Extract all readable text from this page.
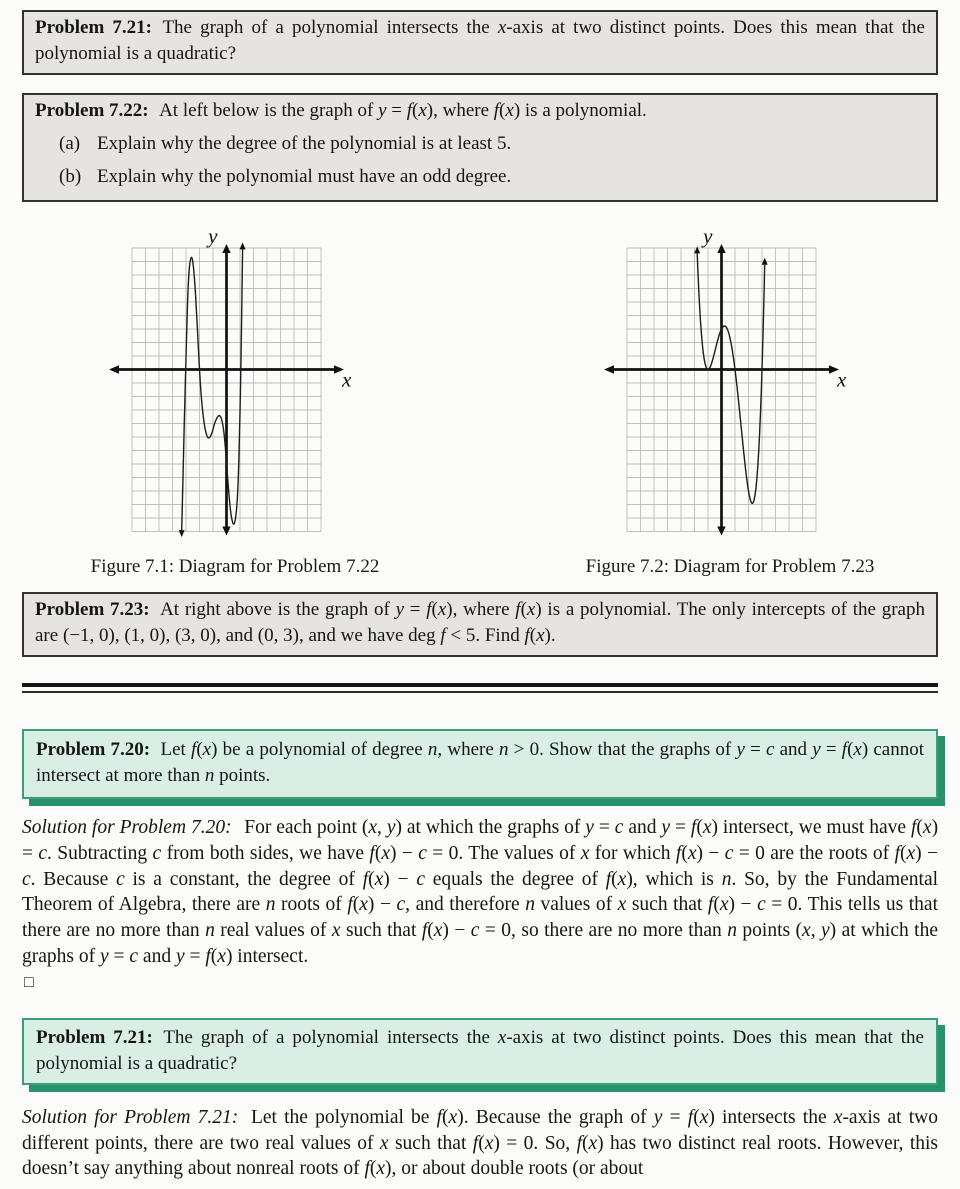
Problem 7.21: The graph of a polynomial intersects the x-axis at two distinct points. Does this mean that the polynomial is a quadratic?

Problem 7.22: At left below is the graph of y = f(x), where f(x) is a polynomial.

(a) Explain why the degree of the polynomial is at least 5.
(b) Explain why the polynomial must have an odd degree.
x
y
Figure 7.1: Diagram for Problem 7.22
x
y
Figure 7.2: Diagram for Problem 7.23

Problem 7.23: At right above is the graph of y = f(x), where f(x) is a polynomial. The only intercepts of the graph are (−1, 0), (1, 0), (3, 0), and (0, 3), and we have deg f < 5. Find f(x).

Problem 7.20: Let f(x) be a polynomial of degree n, where n > 0. Show that the graphs of y = c and y = f(x) cannot intersect at more than n points.

Solution for Problem 7.20: For each point (x, y) at which the graphs of y = c and y = f(x) intersect, we must have f(x) = c. Subtracting c from both sides, we have f(x) − c = 0. The values of x for which f(x) − c = 0 are the roots of f(x) − c. Because c is a constant, the degree of f(x) − c equals the degree of f(x), which is n. So, by the Fundamental Theorem of Algebra, there are n roots of f(x) − c, and therefore n values of x such that f(x) − c = 0. This tells us that there are no more than n real values of x such that f(x) − c = 0, so there are no more than n points (x, y) at which the graphs of y = c and y = f(x) intersect.

□

Problem 7.21: The graph of a polynomial intersects the x-axis at two distinct points. Does this mean that the polynomial is a quadratic?

Solution for Problem 7.21: Let the polynomial be f(x). Because the graph of y = f(x) intersects the x-axis at two different points, there are two real values of x such that f(x) = 0. So, f(x) has two distinct real roots. However, this doesn’t say anything about nonreal roots of f(x), or about double roots (or about
